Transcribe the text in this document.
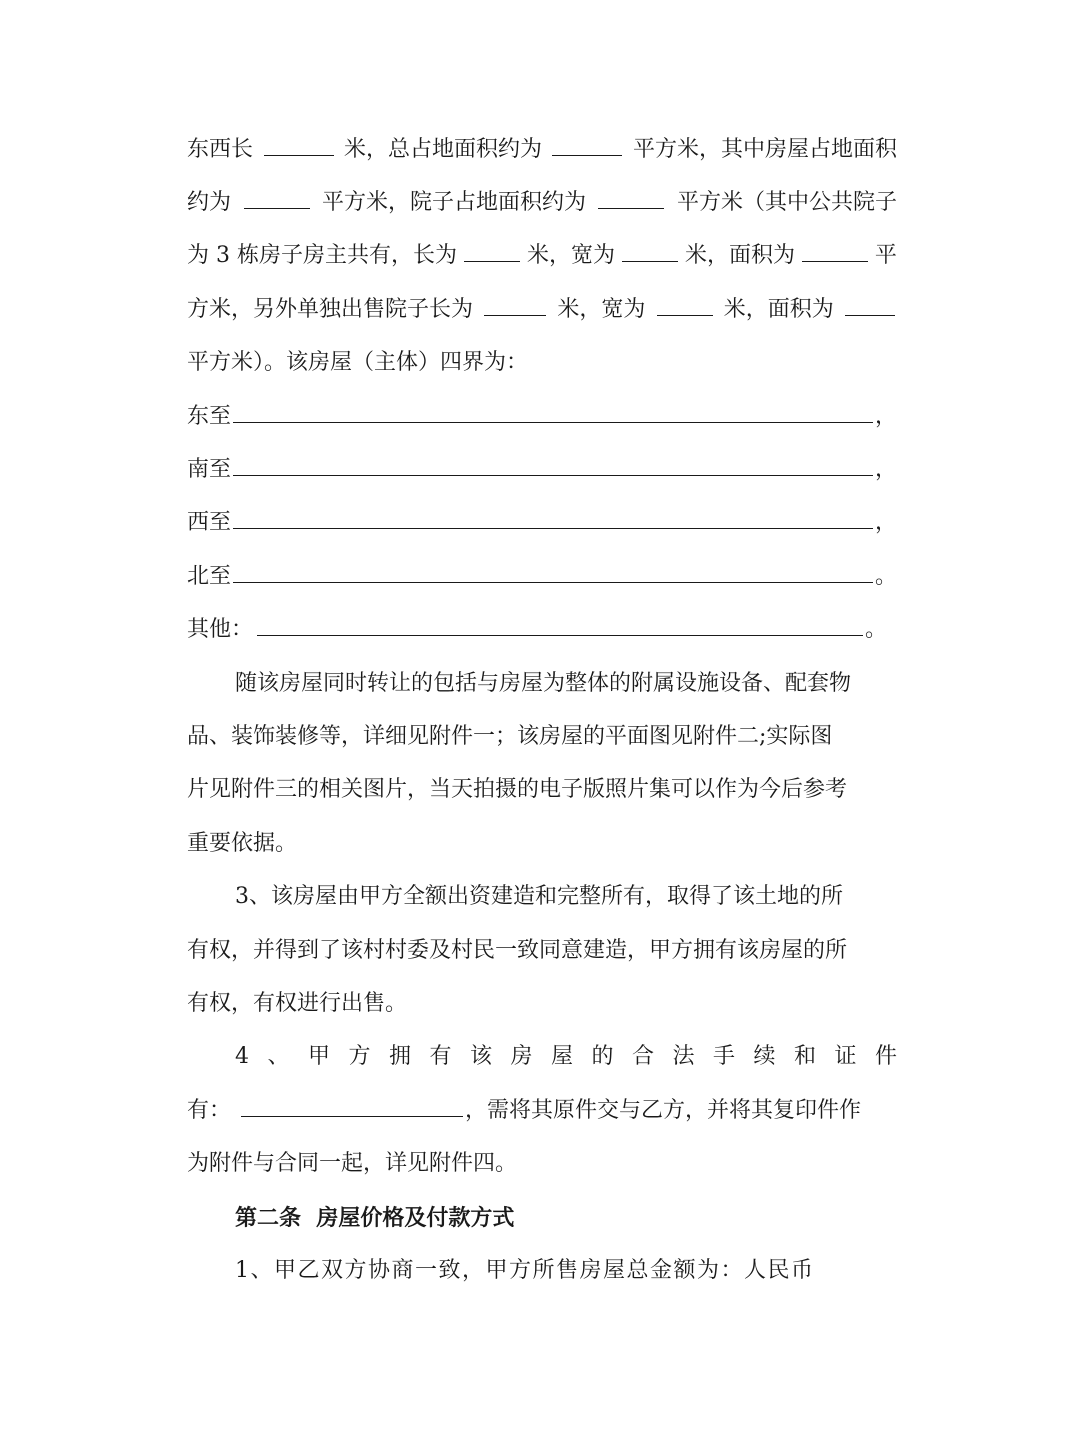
东西长	米，总占地面积约为	平方米，其中房屋占地面积
约为	平方米，院子占地面积约为	平方米（其中公共院子
为 3 栋房子房主共有，长为	米，宽为	米，面积为	平
方米，另外单独出售院子长为	米，宽为	米，面积为
平方米）。该房屋（主体）四界为：
东至	，
南至	，
西至	，
北至	。
其他：	。
随该房屋同时转让的包括与房屋为整体的附属设施设备、配套物
品、装饰装修等，详细见附件一；该房屋的平面图见附件二;实际图
片见附件三的相关图片，当天拍摄的电子版照片集可以作为今后参考
重要依据。
3、该房屋由甲方全额出资建造和完整所有，取得了该土地的所
有权，并得到了该村村委及村民一致同意建造，甲方拥有该房屋的所
有权，有权进行出售。
4 、 甲 方 拥 有 该 房 屋 的 合 法 手 续 和 证 件
有：	，需将其原件交与乙方，并将其复印件作
为附件与合同一起，详见附件四。
第二条  房屋价格及付款方式
1、甲乙双方协商一致，甲方所售房屋总金额为：人民币
